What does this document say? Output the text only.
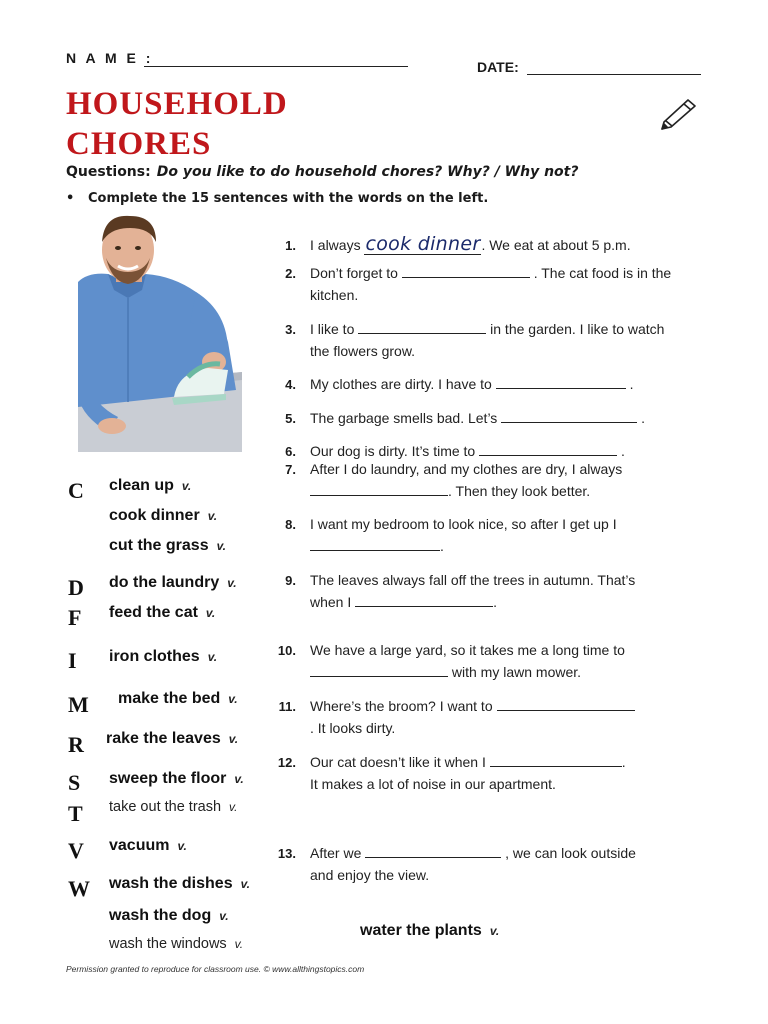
N A M E :
DATE:
HOUSEHOLD
CHORES
Questions: Do you like to do household chores? Why? / Why not?
• Complete the 15 sentences with the words on the left.
C	clean up v.
cook dinner v.
cut the grass v.
D	do the laundry v.
F	feed the cat v.
I	iron clothes v.
M	make the bed v.
R	rake the leaves v.
S	sweep the floor v.
T	take out the trash v.
V	vacuum v.
W	wash the dishes v.
wash the dog v.
wash the windows v.
water the plants v.
1. I always cook dinner. We eat at about 5 p.m.
2. Don’t forget to	. The cat food is in the
kitchen.
3. I like to	in the garden. I like to watch
the flowers grow.
4. My clothes are dirty. I have to	.
5. The garbage smells bad. Let’s	.
6. Our dog is dirty. It’s time to	.
7. After I do laundry, and my clothes are dry, I always
. Then they look better.
8. I want my bedroom to look nice, so after I get up I
.
9. The leaves always fall off the trees in autumn. That’s
when I	.
10. We have a large yard, so it takes me a long time to
with my lawn mower.
11. Where’s the broom? I want to
. It looks dirty.
12. Our cat doesn’t like it when I	.
It makes a lot of noise in our apartment.
13. After we	, we can look outside
and enjoy the view.
Permission granted to reproduce for classroom use. © www.allthingstopics.com
